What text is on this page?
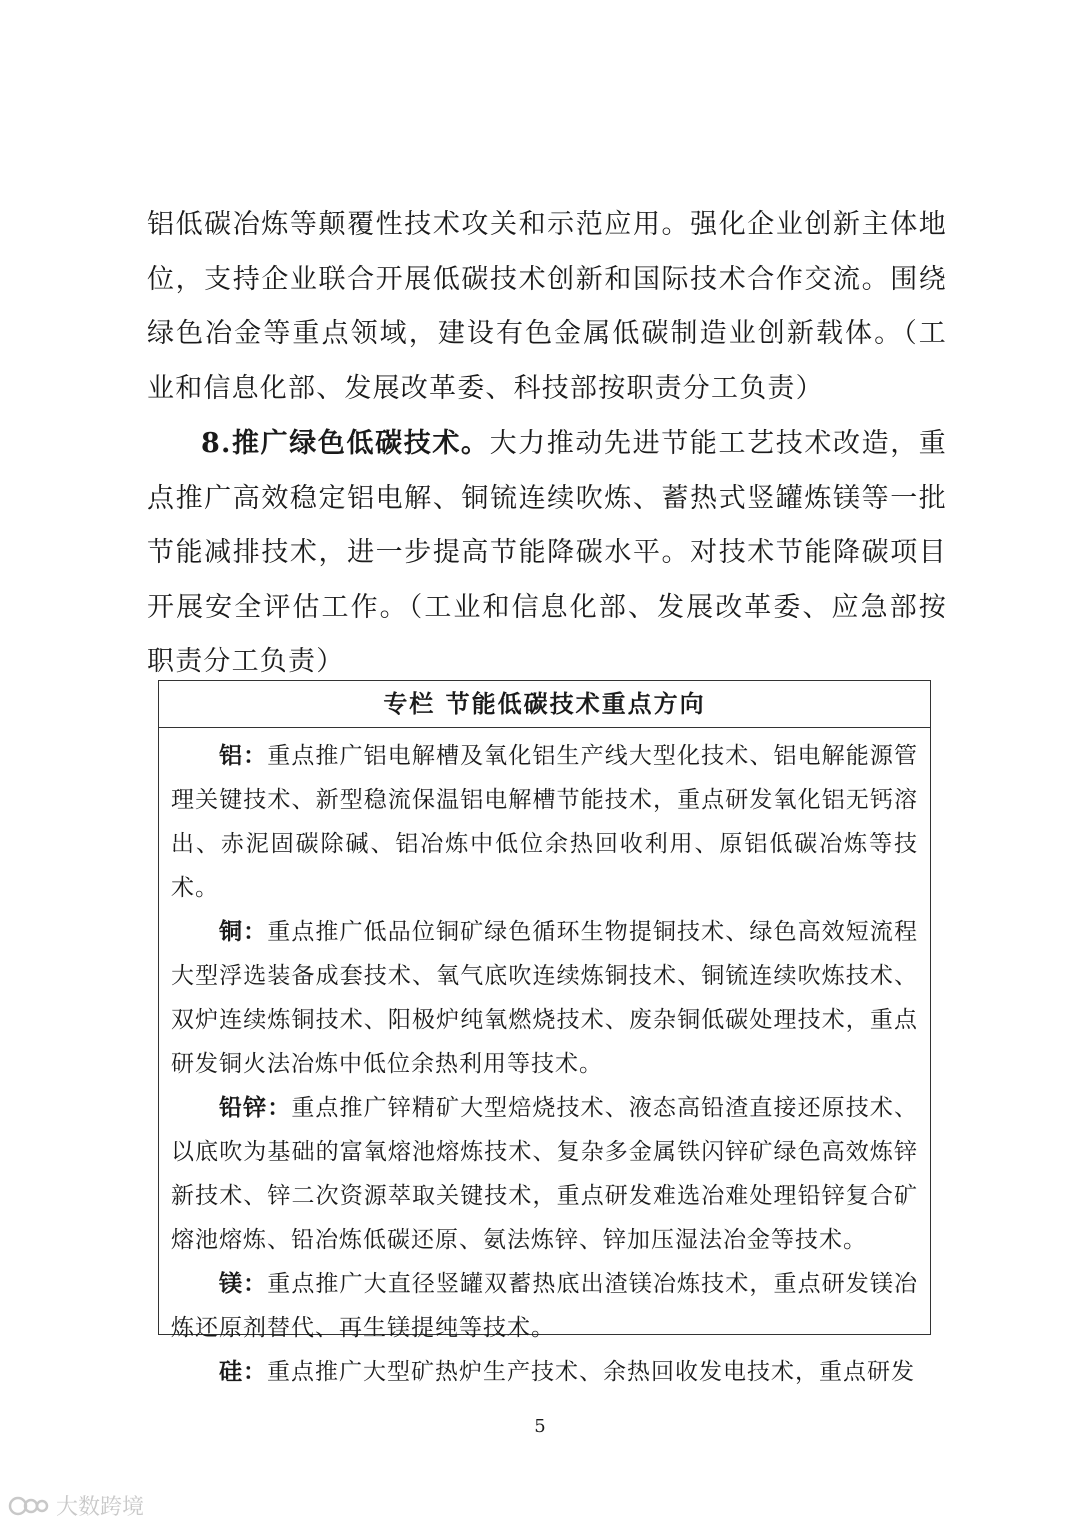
铝低碳冶炼等颠覆性技术攻关和示范应用。强化企业创新主体地位，支持企业联合开展低碳技术创新和国际技术合作交流。围绕绿色冶金等重点领域，建设有色金属低碳制造业创新载体。（工业和信息化部、发展改革委、科技部按职责分工负责）

8.推广绿色低碳技术。大力推动先进节能工艺技术改造，重点推广高效稳定铝电解、铜锍连续吹炼、蓄热式竖罐炼镁等一批节能减排技术，进一步提高节能降碳水平。对技术节能降碳项目开展安全评估工作。（工业和信息化部、发展改革委、应急部按职责分工负责）

专栏 节能低碳技术重点方向

铝：重点推广铝电解槽及氧化铝生产线大型化技术、铝电解能源管理关键技术、新型稳流保温铝电解槽节能技术，重点研发氧化铝无钙溶出、赤泥固碳除碱、铝冶炼中低位余热回收利用、原铝低碳冶炼等技术。

铜：重点推广低品位铜矿绿色循环生物提铜技术、绿色高效短流程大型浮选装备成套技术、氧气底吹连续炼铜技术、铜锍连续吹炼技术、双炉连续炼铜技术、阳极炉纯氧燃烧技术、废杂铜低碳处理技术，重点研发铜火法冶炼中低位余热利用等技术。

铅锌：重点推广锌精矿大型焙烧技术、液态高铅渣直接还原技术、以底吹为基础的富氧熔池熔炼技术、复杂多金属铁闪锌矿绿色高效炼锌新技术、锌二次资源萃取关键技术，重点研发难选冶难处理铅锌复合矿熔池熔炼、铅冶炼低碳还原、氨法炼锌、锌加压湿法冶金等技术。

镁：重点推广大直径竖罐双蓄热底出渣镁冶炼技术，重点研发镁冶炼还原剂替代、再生镁提纯等技术。

硅：重点推广大型矿热炉生产技术、余热回收发电技术，重点研发

5
大数跨境
